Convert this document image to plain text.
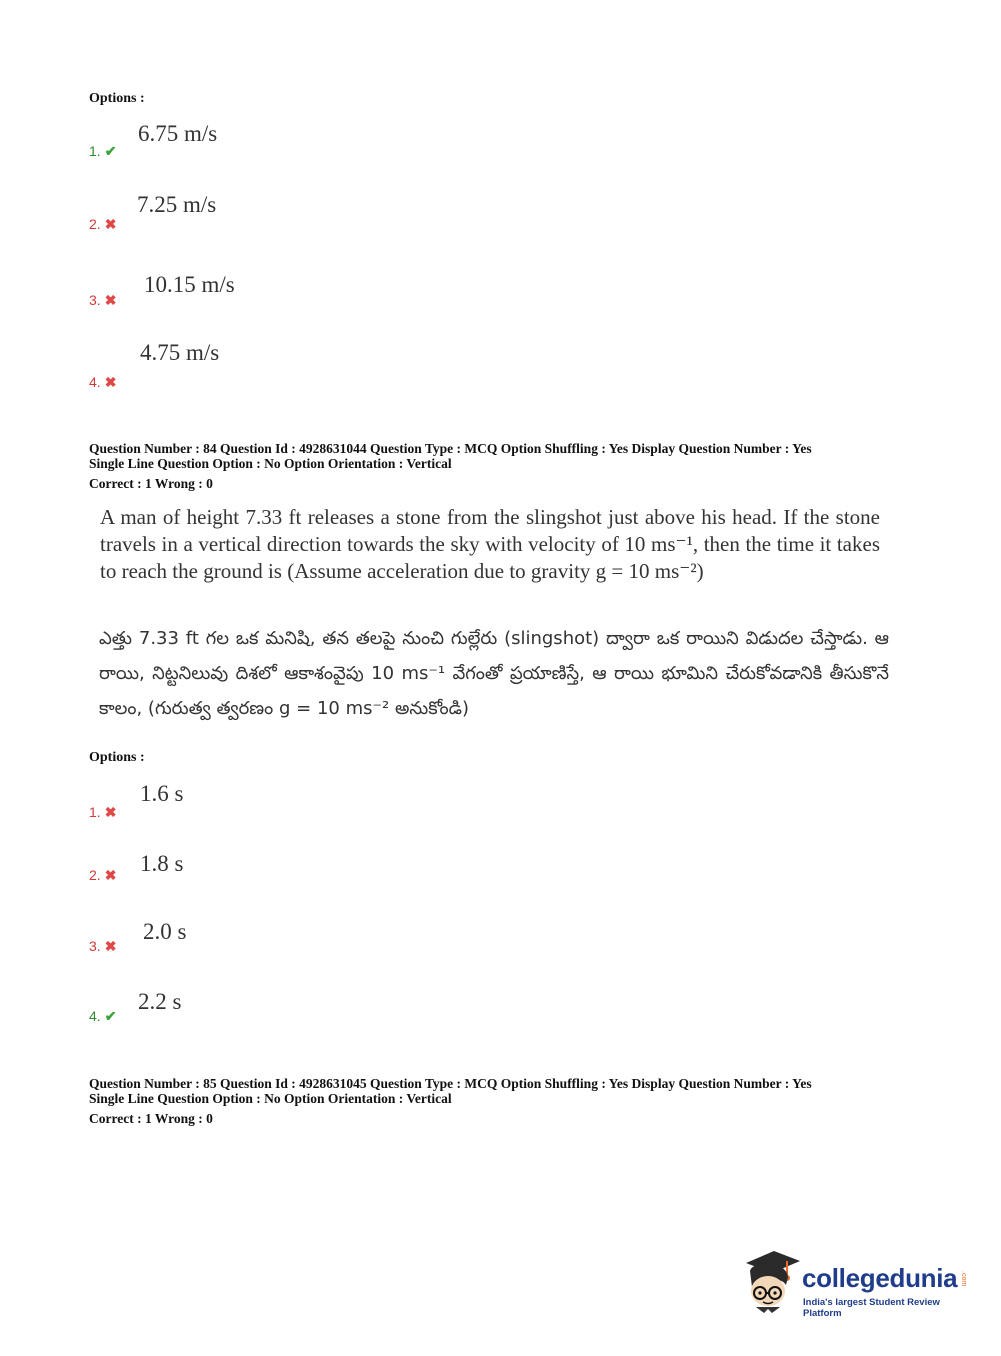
Options :
1. ✔
6.75 m/s
2. ✖
7.25 m/s
3. ✖
10.15 m/s
4. ✖
4.75 m/s
Question Number : 84 Question Id : 4928631044 Question Type : MCQ Option Shuffling : Yes Display Question Number : Yes
Single Line Question Option : No Option Orientation : Vertical
Correct : 1 Wrong : 0
A man of height 7.33 ft releases a stone from the slingshot just above his head. If the stone travels in a vertical direction towards the sky with velocity of 10 ms⁻¹, then the time it takes to reach the ground is (Assume acceleration due to gravity g = 10 ms⁻²)
ఎత్తు 7.33 ft గల ఒక మనిషి, తన తలపై నుంచి గుల్లేరు (slingshot) ద్వారా ఒక రాయిని విడుదల చేస్తాడు. ఆ రాయి, నిట్టనిలువు దిశలో ఆకాశంవైపు 10 ms⁻¹ వేగంతో ప్రయాణిస్తే, ఆ రాయి భూమిని చేరుకోవడానికి తీసుకొనే కాలం, (గురుత్వ త్వరణం g = 10 ms⁻² అనుకోండి)
Options :
1. ✖
1.6 s
2. ✖
1.8 s
3. ✖
2.0 s
4. ✔
2.2 s
Question Number : 85 Question Id : 4928631045 Question Type : MCQ Option Shuffling : Yes Display Question Number : Yes
Single Line Question Option : No Option Orientation : Vertical
Correct : 1 Wrong : 0
collegedunia .com
India's largest Student Review Platform
